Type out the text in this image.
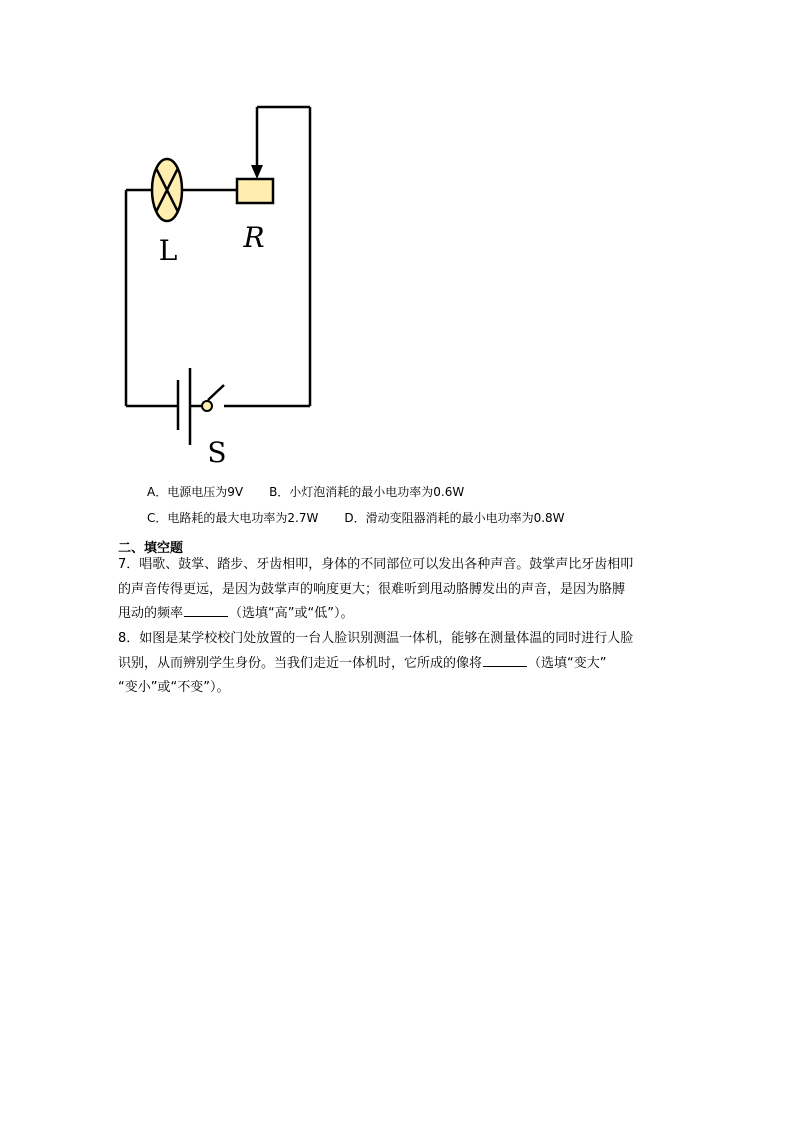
L R
S
A．电源电压为9V B．小灯泡消耗的最小电功率为0.6W
C．电路耗的最大电功率为2.7W D．滑动变阻器消耗的最小电功率为0.8W
二、填空题
7．唱歌、鼓掌、踏步、牙齿相叩，身体的不同部位可以发出各种声音。鼓掌声比牙齿相叩
的声音传得更远，是因为鼓掌声的响度更大；很难听到甩动胳膊发出的声音，是因为胳膊
甩动的频率	（选填“高”或“低”）。
8．如图是某学校校门处放置的一台人脸识别测温一体机，能够在测量体温的同时进行人脸
识别，从而辨别学生身份。当我们走近一体机时，它所成的像将	（选填“变大”
“变小”或“不变”）。
